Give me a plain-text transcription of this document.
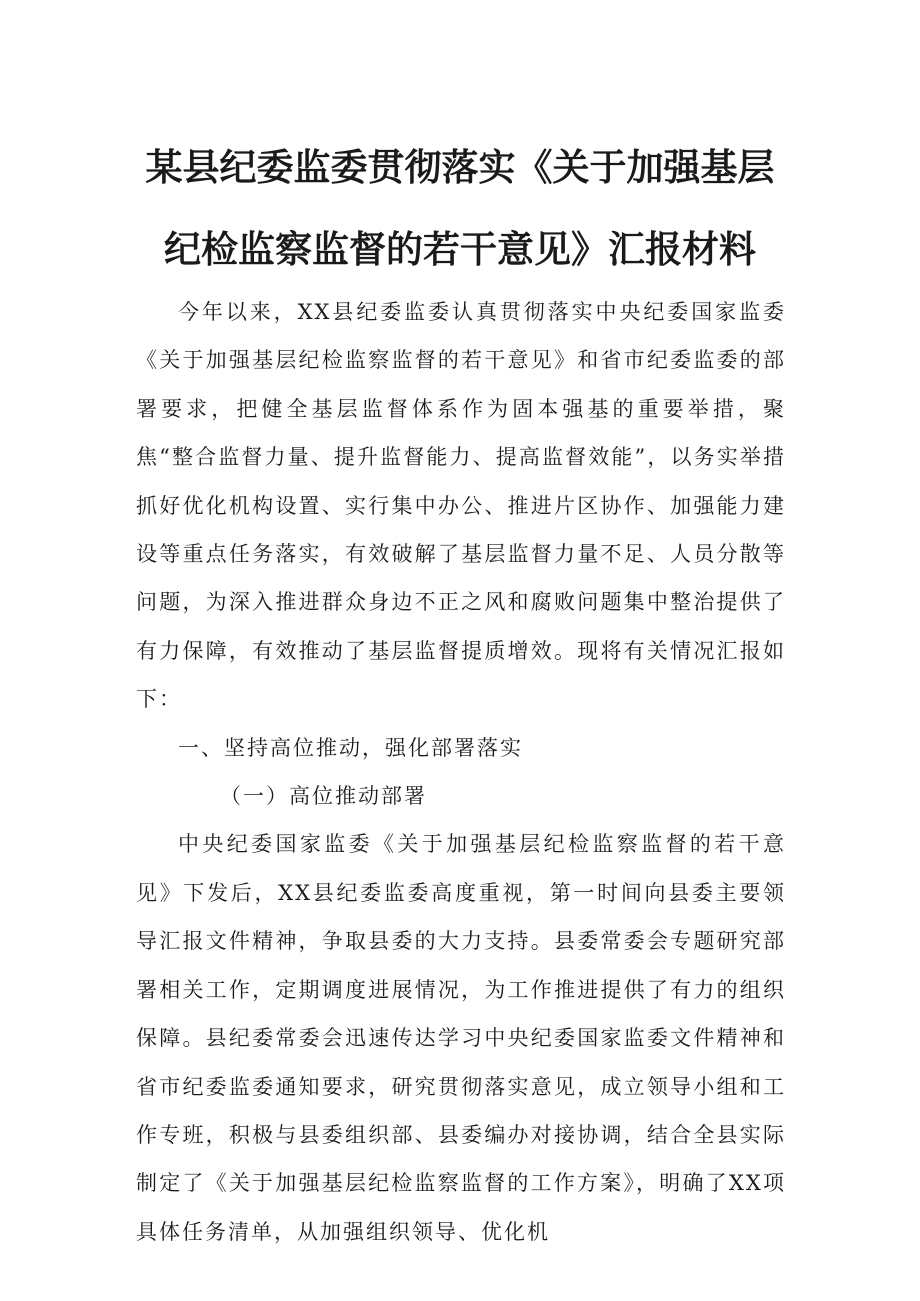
某县纪委监委贯彻落实《关于加强基层
纪检监察监督的若干意见》汇报材料

今年以来，XX县纪委监委认真贯彻落实中央纪委国家监委《关于加强基层纪检监察监督的若干意见》和省市纪委监委的部署要求，把健全基层监督体系作为固本强基的重要举措，聚焦“整合监督力量、提升监督能力、提高监督效能”，以务实举措抓好优化机构设置、实行集中办公、推进片区协作、加强能力建设等重点任务落实，有效破解了基层监督力量不足、人员分散等问题，为深入推进群众身边不正之风和腐败问题集中整治提供了有力保障，有效推动了基层监督提质增效。现将有关情况汇报如下：

一、坚持高位推动，强化部署落实

（一）高位推动部署

中央纪委国家监委《关于加强基层纪检监察监督的若干意见》下发后，XX县纪委监委高度重视，第一时间向县委主要领导汇报文件精神，争取县委的大力支持。县委常委会专题研究部署相关工作，定期调度进展情况，为工作推进提供了有力的组织保障。县纪委常委会迅速传达学习中央纪委国家监委文件精神和省市纪委监委通知要求，研究贯彻落实意见，成立领导小组和工作专班，积极与县委组织部、县委编办对接协调，结合全县实际制定了《关于加强基层纪检监察监督的工作方案》，明确了XX项具体任务清单，从加强组织领导、优化机
